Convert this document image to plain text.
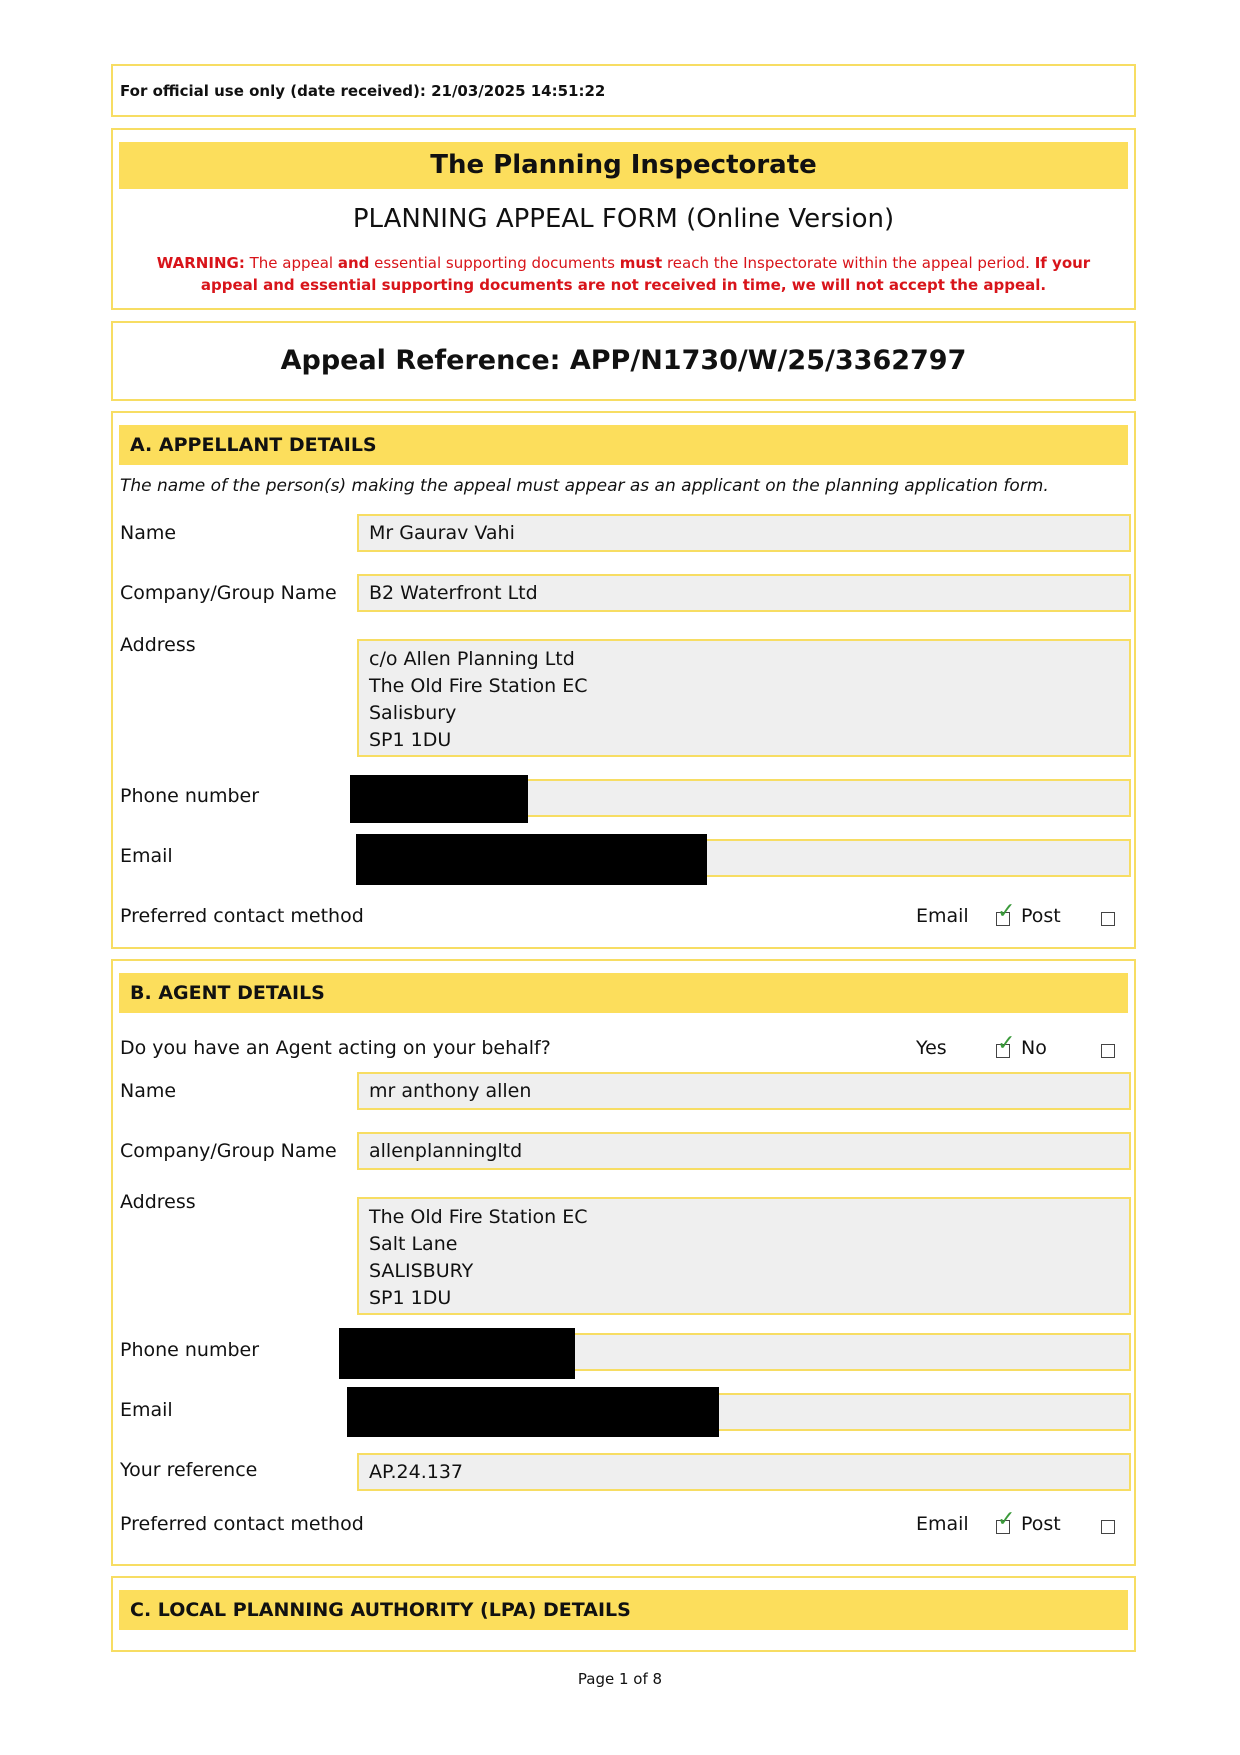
For official use only (date received): 21/03/2025 14:51:22
The Planning Inspectorate
PLANNING APPEAL FORM (Online Version)
WARNING: The appeal and essential supporting documents must reach the Inspectorate within the appeal period. If your appeal and essential supporting documents are not received in time, we will not accept the appeal.
Appeal Reference: APP/N1730/W/25/3362797
A. APPELLANT DETAILS
The name of the person(s) making the appeal must appear as an applicant on the planning application form.
Name	Mr Gaurav Vahi
Company/Group Name	B2 Waterfront Ltd
Address
c/o Allen Planning Ltd
The Old Fire Station EC
Salisbury
SP1 1DU
Phone number
Email
Preferred contact method	Email ✓ Post
B. AGENT DETAILS
Do you have an Agent acting on your behalf?	Yes ✓ No
Name	mr anthony allen
Company/Group Name	allenplanningltd
Address
The Old Fire Station EC
Salt Lane
SALISBURY
SP1 1DU
Phone number
Email
Your reference	AP.24.137
Preferred contact method	Email ✓ Post
C. LOCAL PLANNING AUTHORITY (LPA) DETAILS
Page 1 of 8
